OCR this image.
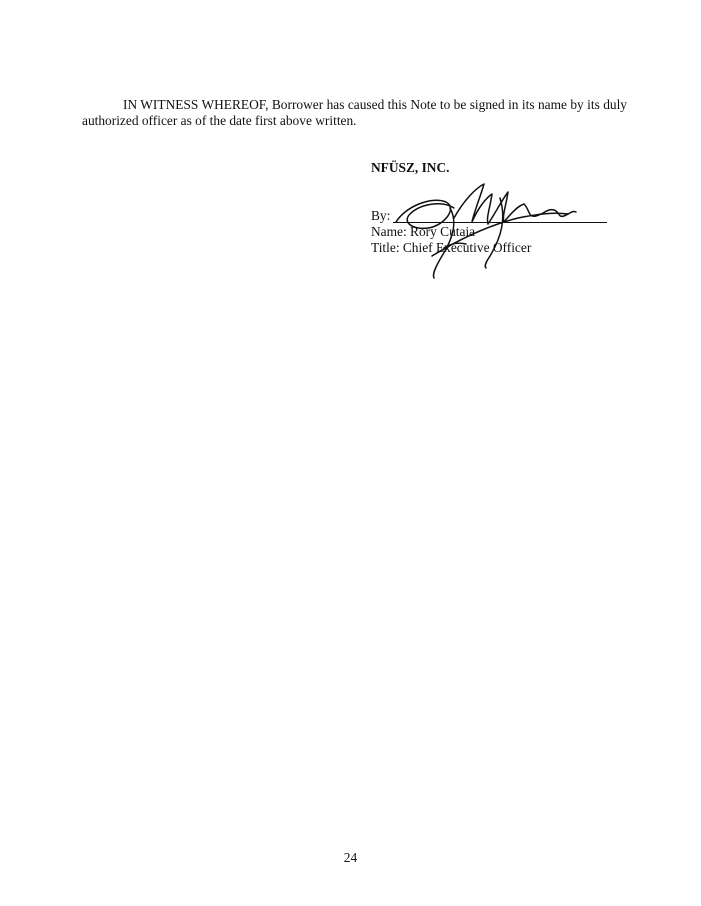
IN WITNESS WHEREOF, Borrower has caused this Note to be signed in its name by its duly authorized officer as of the date first above written.

NFÜSZ, INC.

By:
Name: Rory Cutaia
Title: Chief Executive Officer
24
